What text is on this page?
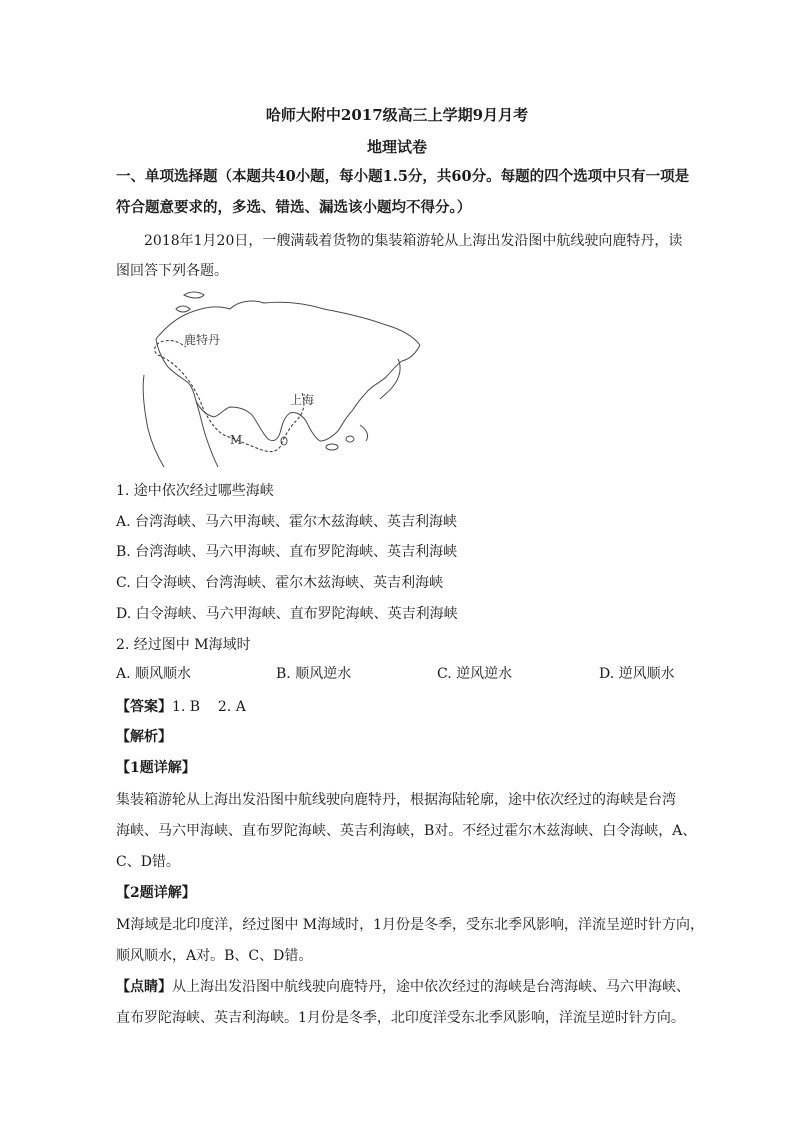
哈师大附中2017级高三上学期9月月考
地理试卷
一、单项选择题（本题共40小题，每小题1.5分，共60分。每题的四个选项中只有一项是
符合题意要求的，多选、错选、漏选该小题均不得分。）
2018年1月20日，一艘满载着货物的集装箱游轮从上海出发沿图中航线驶向鹿特丹，读
图回答下列各题。
鹿特丹
上海
M
1. 途中依次经过哪些海峡
A. 台湾海峡、马六甲海峡、霍尔木兹海峡、英吉利海峡
B. 台湾海峡、马六甲海峡、直布罗陀海峡、英吉利海峡
C. 白令海峡、台湾海峡、霍尔木兹海峡、英吉利海峡
D. 白令海峡、马六甲海峡、直布罗陀海峡、英吉利海峡
2. 经过图中 M海域时
A. 顺风顺水	B. 顺风逆水	C. 逆风逆水	D. 逆风顺水
【答案】1. B    2. A
【解析】
【1题详解】
集装箱游轮从上海出发沿图中航线驶向鹿特丹，根据海陆轮廓，途中依次经过的海峡是台湾
海峡、马六甲海峡、直布罗陀海峡、英吉利海峡，B对。不经过霍尔木兹海峡、白令海峡，A、
C、D错。
【2题详解】
M海域是北印度洋，经过图中 M海域时，1月份是冬季，受东北季风影响，洋流呈逆时针方向，
顺风顺水，A对。B、C、D错。
【点睛】从上海出发沿图中航线驶向鹿特丹，途中依次经过的海峡是台湾海峡、马六甲海峡、
直布罗陀海峡、英吉利海峡。1月份是冬季，北印度洋受东北季风影响，洋流呈逆时针方向。
